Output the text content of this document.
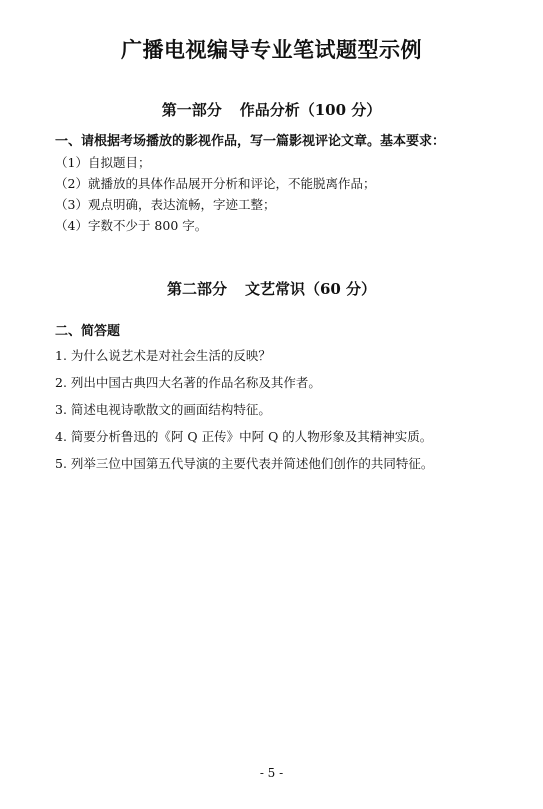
广播电视编导专业笔试题型示例
第一部分 作品分析（100 分）
一、请根据考场播放的影视作品，写一篇影视评论文章。基本要求：
（1）自拟题目；
（2）就播放的具体作品展开分析和评论，不能脱离作品；
（3）观点明确，表达流畅，字迹工整；
（4）字数不少于 800 字。
第二部分 文艺常识（60 分）
二、简答题
1. 为什么说艺术是对社会生活的反映？
2. 列出中国古典四大名著的作品名称及其作者。
3. 简述电视诗歌散文的画面结构特征。
4. 简要分析鲁迅的《阿 Q 正传》中阿 Q 的人物形象及其精神实质。
5. 列举三位中国第五代导演的主要代表并简述他们创作的共同特征。
- 5 -
